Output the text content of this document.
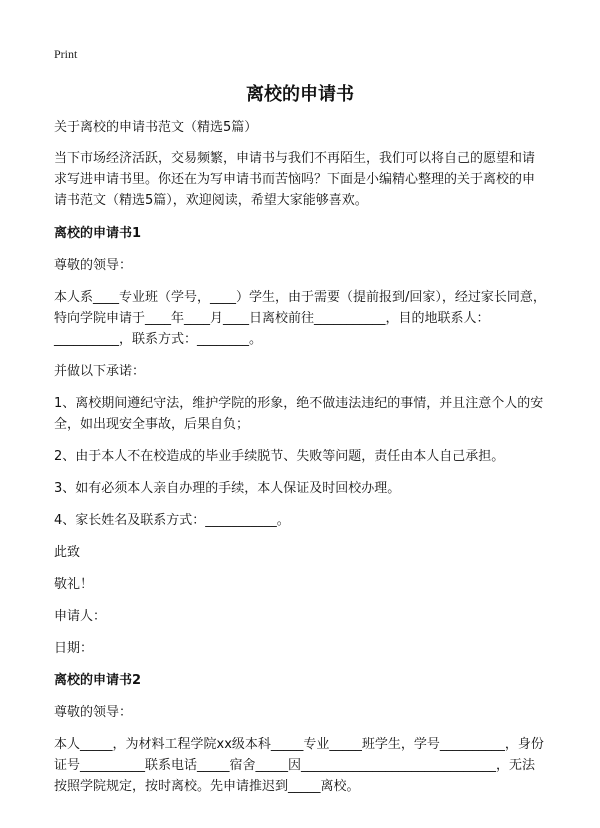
Print
离校的申请书

关于离校的申请书范文（精选5篇）

当下市场经济活跃，交易频繁，申请书与我们不再陌生，我们可以将自己的愿望和请求写进申请书里。你还在为写申请书而苦恼吗？下面是小编精心整理的关于离校的申请书范文（精选5篇），欢迎阅读，希望大家能够喜欢。

离校的申请书1

尊敬的领导：

本人系____专业班（学号，____）学生，由于需要（提前报到/回家），经过家长同意，特向学院申请于____年____月____日离校前往___________，目的地联系人：__________，联系方式：________。

并做以下承诺：

1、离校期间遵纪守法，维护学院的形象，绝不做违法违纪的事情，并且注意个人的安全，如出现安全事故，后果自负；

2、由于本人不在校造成的毕业手续脱节、失败等问题，责任由本人自己承担。

3、如有必须本人亲自办理的手续，本人保证及时回校办理。

4、家长姓名及联系方式：___________。

此致

敬礼！

申请人：

日期：

离校的申请书2

尊敬的领导：

本人_____，为材料工程学院xx级本科_____专业_____班学生，学号__________，身份证号__________联系电话_____宿舍_____因______________________________，无法按照学院规定，按时离校。先申请推迟到_____离校。
